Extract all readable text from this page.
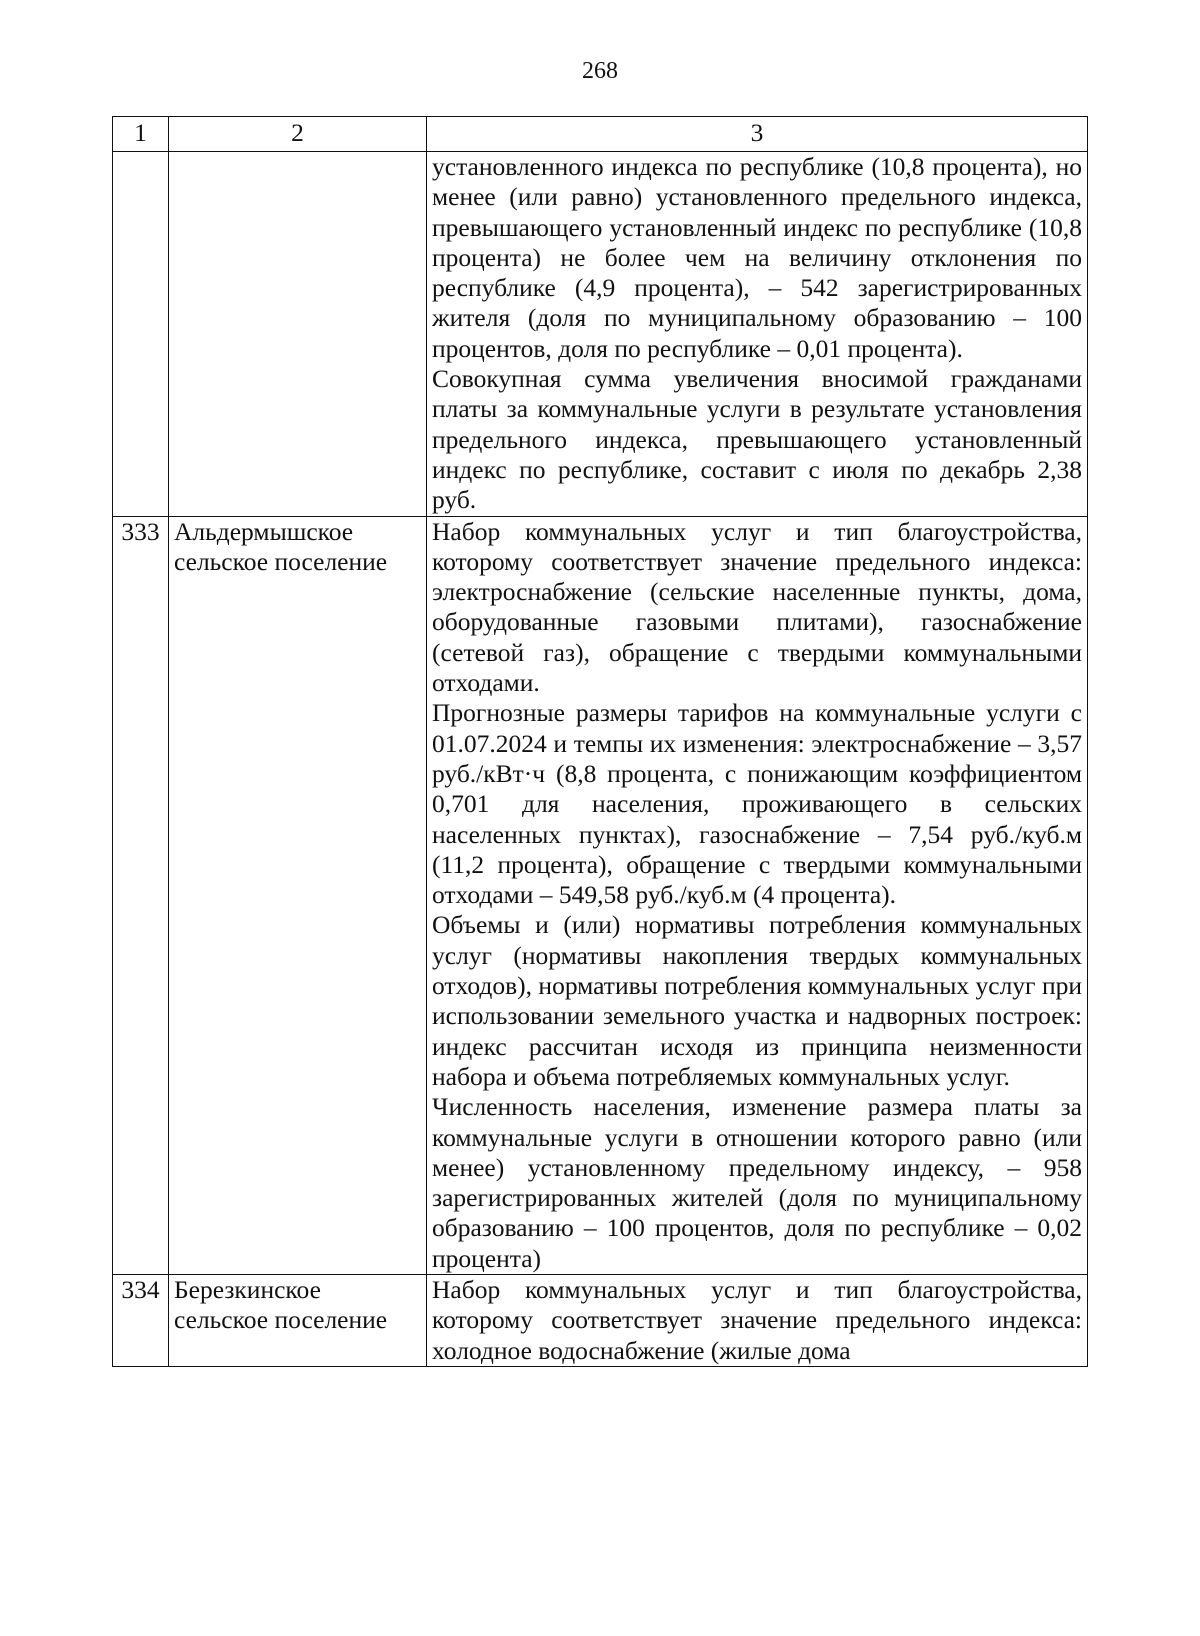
268
1	2	3

		установленного индекса по республике (10,8 процента), но менее (или равно) установленного предельного индекса, превышающего установленный индекс по республике (10,8 процента) не более чем на величину отклонения по республике (4,9 процента), – 542 зарегистрированных жителя (доля по муниципальному образованию – 100 процентов, доля по республике – 0,01 процента).

Совокупная сумма увеличения вносимой гражданами платы за коммунальные услуги в результате установления предельного индекса, превышающего установленный индекс по республике, составит с июля по декабрь 2,38 руб.

333	Альдермышское сельское поселение	Набор коммунальных услуг и тип благоустройства, которому соответствует значение предельного индекса: электроснабжение (сельские населенные пункты, дома, оборудованные газовыми плитами), газоснабжение (сетевой газ), обращение с твердыми коммунальными отходами.

Прогнозные размеры тарифов на коммунальные услуги с 01.07.2024 и темпы их изменения: электроснабжение – 3,57 руб./кВт·ч (8,8 процента, с понижающим коэффициентом 0,701 для населения, проживающего в сельских населенных пунктах), газоснабжение – 7,54 руб./куб.м (11,2 процента), обращение с твердыми коммунальными отходами – 549,58 руб./куб.м (4 процента).

Объемы и (или) нормативы потребления коммунальных услуг (нормативы накопления твердых коммунальных отходов), нормативы потребления коммунальных услуг при использовании земельного участка и надворных построек: индекс рассчитан исходя из принципа неизменности набора и объема потребляемых коммунальных услуг.

Численность населения, изменение размера платы за коммунальные услуги в отношении которого равно (или менее) установленному предельному индексу, – 958 зарегистрированных жителей (доля по муниципальному образованию – 100 процентов, доля по республике – 0,02 процента)

334	Березкинское сельское поселение	Набор коммунальных услуг и тип благоустройства, которому соответствует значение предельного индекса: холодное водоснабжение (жилые дома
